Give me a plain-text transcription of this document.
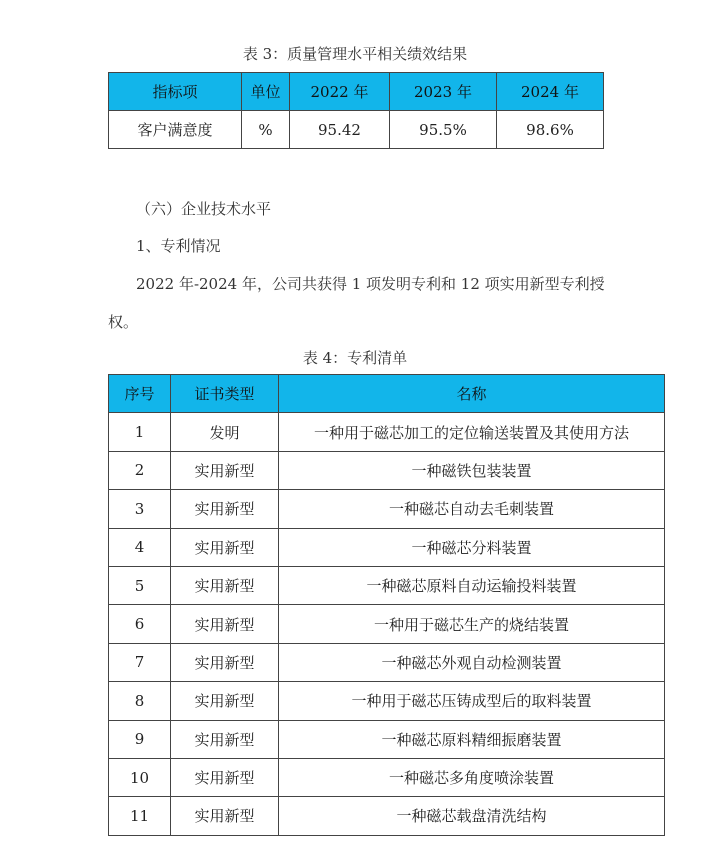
表 3：质量管理水平相关绩效结果
指标项	单位	2022 年	2023 年	2024 年
客户满意度	%	95.42	95.5%	98.6%
（六）企业技术水平
1、专利情况
2022 年-2024 年，公司共获得 1 项发明专利和 12 项实用新型专利授
权。
表 4：专利清单
序号	证书类型	名称
1	发明	一种用于磁芯加工的定位输送装置及其使用方法
2	实用新型	一种磁铁包装装置
3	实用新型	一种磁芯自动去毛刺装置
4	实用新型	一种磁芯分料装置
5	实用新型	一种磁芯原料自动运输投料装置
6	实用新型	一种用于磁芯生产的烧结装置
7	实用新型	一种磁芯外观自动检测装置
8	实用新型	一种用于磁芯压铸成型后的取料装置
9	实用新型	一种磁芯原料精细振磨装置
10	实用新型	一种磁芯多角度喷涂装置
11	实用新型	一种磁芯载盘清洗结构
